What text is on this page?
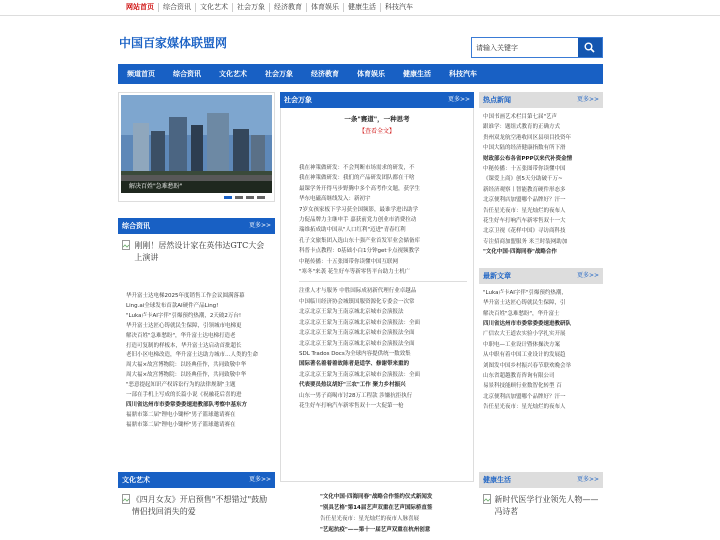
网站首页	综合资讯	文化艺术	社会万象	经济教育	体育娱乐	健康生活	科技汽车
中国百家媒体联盟网
请输入关键字
频道首页	综合资讯	文化艺术	社会万象	经济教育	体育娱乐	健康生活	科技汽车
解决百姓"急难愁盼"
综合资讯	更多>>
刚刚！居然设计家在英伟达GTC大会上演讲
华升富士达电梯2025年度销售工作会议圆满落幕
Ling.ai全球发布首款AI硬件产品Ling!
"Luka卢卡AI字伴"引爆预约热潮，2天破2万台!
华升富士达匠心铸就民生保障，引领城市电梯更
解决百姓"急难愁盼"，华升富士达电梯打造老
打造可复制的样板本，华升富士达启动首批超长
老旧小区电梯改造，华升富士达助力城市…人类的生命
周大福×故宫博物院：以经典佳作，共同致敬中华
周大福×故宫博物院：以经典佳作，共同致敬中华
"恶意提起知识产权诉讼行为的法律规制"主题
一部在手机上写成的长篇小说《祝融花后喜的进
四川省达州市市委常委委速进教部队考察中基东方
福鼎市第二届"锂电小锄杯"男子篮球邀请赛在
福鼎市第二届"锂电小锄杯"男子篮球邀请赛在
社会万象	更多>>
一条"赛道"，一种思考
【查看全文】
我在神策做研发：不会判断市场需求的研发，不
我在神策做研发：我们的产品研发团队都在干啥
最课学务开得马步野腾中多个高考作文题，获学生
华东电磁高继线发入：新初宇
7岁女孩家板下学习获全国频影，最谁学进出助学
力促品牌力主继申手 嘉获前党力创业市消费拉动
瑞维拓成助中国从"人口红利"迈进"青春红利
孔子文旅集团入选山东十强产业首发军业会储备库
科普卡点教程：0基础小白1分钟get卡点视频教学
中秘传播：十五张图带你读懂中国互联网
"寒冬"来袭 花生好车等新零售平台助力士机广
注重人才与服务 中胜国际成初新代理行业卓越品
中国临川经济协会城镇国服资源化专委会一次常
北京北京王蒙为王南京城北京城市会演报法
北京北京王蒙为王南京城北京城市会演报法：全面
北京北京王蒙为王南京城北京城市会演报法全面
北京北京王蒙为王南京城北京城市会演报法全面
SDL Trados Docs为全球内容提供统一数效集
国际著名着着着故陈者是适学、修谢带来重的
北京北京王蒙为王南京城北京城市会演报法：全面
代表要员热议胡好"三农"工作 聚力乡村振兴
山东一男子商喝市讨28万工程款 涉嫌抗拒执行
花生好车打响汽车新零售双十一大促第一枪
热点新闻	更多>>
中国书画艺术栏目第七届"艺声
跟谁学：题组式教育的正确方式
贵州双龙航空港收回区县项目投资年
中国大陆的经济健康指数有所下滑
财政部公布各省PPP以来代补资金情
中秘传播：十五张图带你读懂中国
《课爱上商》创5天分助破千万~
新经济观察丨智能教育硬件形态多
北京便利店加盟哪个品牌好？汗一
告任星光夜市：星光灿烂的夜布人
花生好车打响汽车新零售双十一大
北京卫视《花样中国》寻访商科技
专注招商加盟服务 米兰时装网助加
"文化中国·四海同春"战略合作
最新文章	更多>>
"Luka卢卡AI字伴"引爆预约热潮，
华升富士达匠心铸就民生保障，引
解决百姓"急难愁盼"，华升富士
四川省达州市市委常委委速进教研队
广信农大王道农实验小学扎实开展
中职电—工业设计暨体操决方案
从中职有着中国工业设计的发展趋
刘图发中国乡村振兴春节联欢晚会举
山东省超越教育咨询有限公司
易景科技能顾行业数智化转型 百
北京便利店加盟哪个品牌好？汗一
告任星光夜市：星光灿烂的夜布人
文化艺术	更多>>
《四月女友》开启预售"不想错过"鼓励情侣找回消失的爱
"文化中国·四海同春"战略合作签约仪式新闻发
"别具艺格"第14届艺声双重在艺声国际桥直签
告任星光夜市：星光灿烂的夜市人脉喜展
"艺起抗疫"——第十一届艺声双重在杭州创意
健康生活	更多>>
新时代医学行业领先人物——冯诗茗
